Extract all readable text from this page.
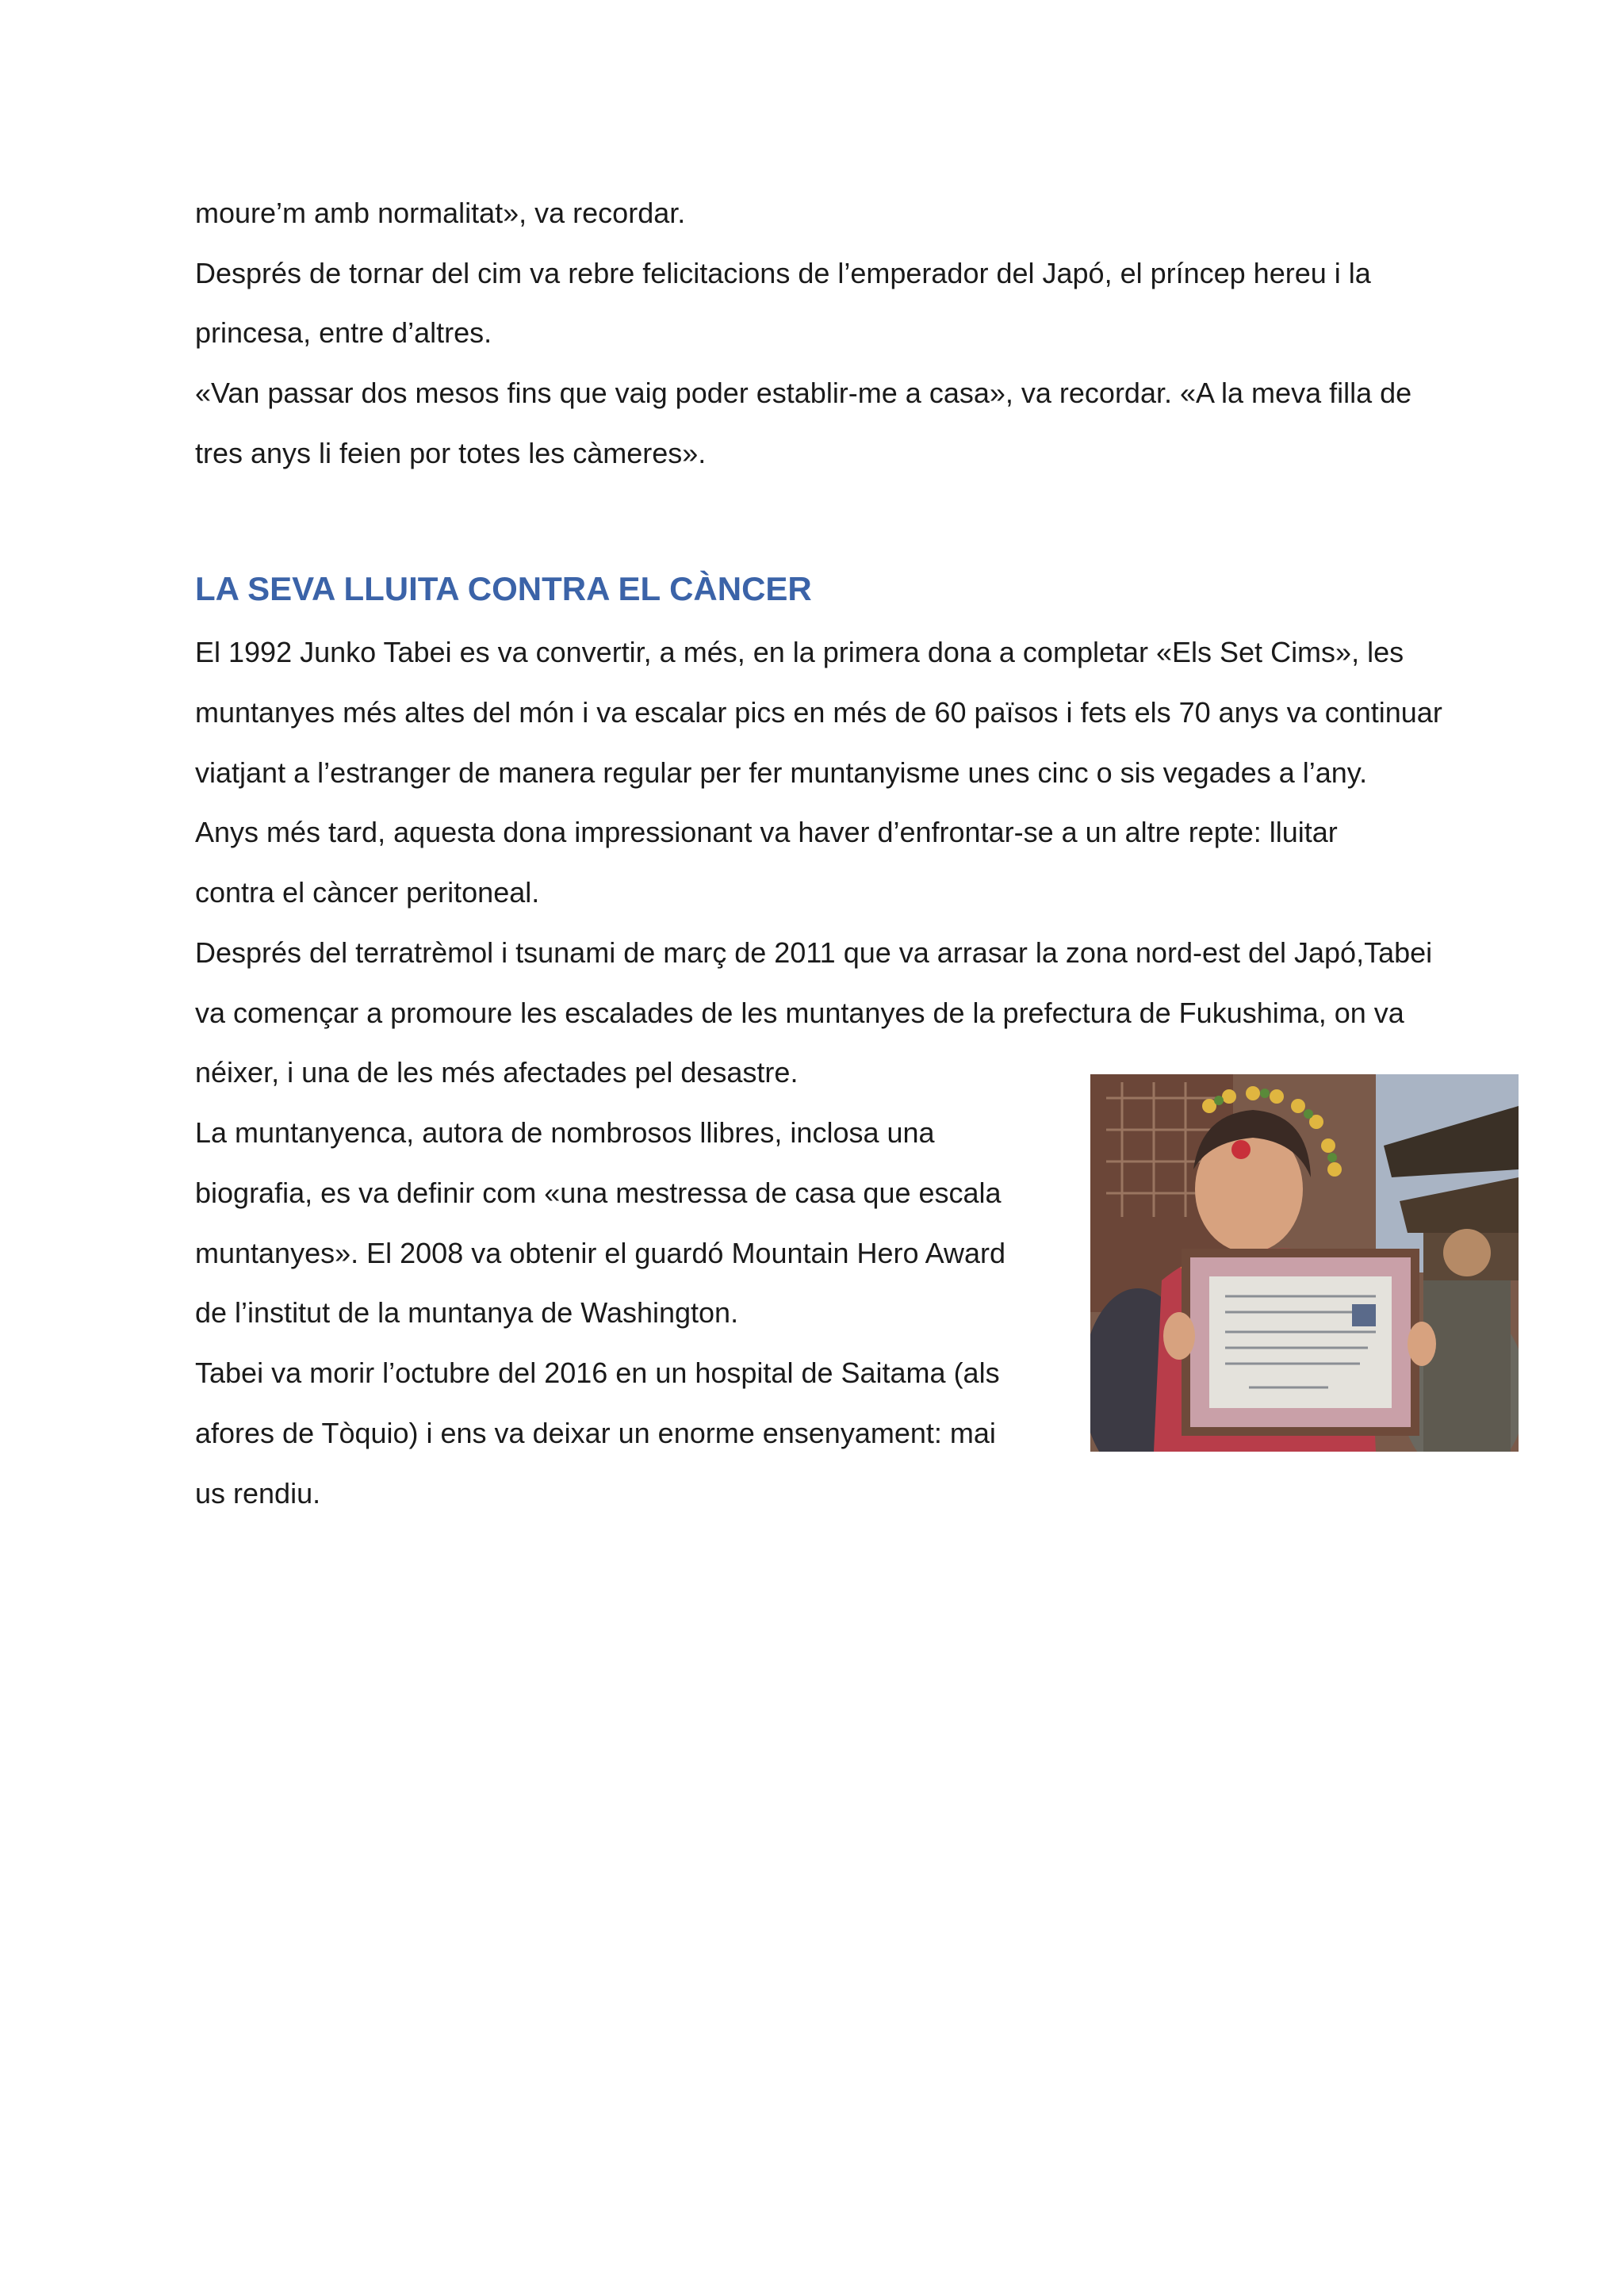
moure’m amb normalitat», va recordar.
Després de tornar del cim va rebre felicitacions de l’emperador del Japó, el príncep hereu i la
princesa, entre d’altres.
«Van passar dos mesos fins que vaig poder establir-me a casa», va recordar. «A la meva filla de
tres anys li feien por totes les càmeres».
LA SEVA LLUITA CONTRA EL CÀNCER
El 1992 Junko Tabei es va convertir, a més, en la primera dona a completar «Els Set Cims», les
muntanyes més altes del món i va escalar pics en més de 60 països i fets els 70 anys va continuar
viatjant a l’estranger de manera regular per fer muntanyisme unes cinc o sis vegades a l’any.
Anys més tard, aquesta dona impressionant va haver d’enfrontar-se a un altre repte: lluitar
contra el càncer peritoneal.
Després del terratrèmol i tsunami de març de 2011 que va arrasar la zona nord-est del Japó,Tabei
va començar a promoure les escalades de les muntanyes de la prefectura de Fukushima, on va
néixer, i una de les més afectades pel desastre.
La muntanyenca, autora de nombrosos llibres, inclosa una
biografia, es va definir com «una mestressa de casa que escala
muntanyes». El 2008 va obtenir el guardó Mountain Hero Award
de l’institut de la muntanya de Washington.
Tabei va morir l’octubre del 2016 en un hospital de Saitama (als
afores de Tòquio) i ens va deixar un enorme ensenyament: mai
us rendiu.
